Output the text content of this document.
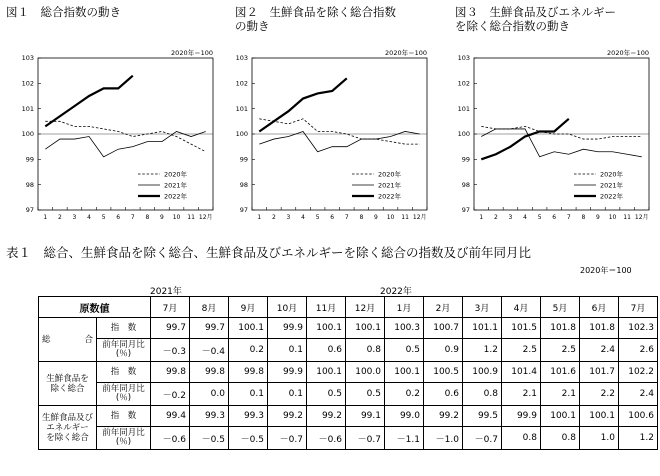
図１　総合指数の動き	図２　生鮮食品を除く総合指数
の動き
図３　生鮮食品及びエネルギー
を除く総合指数の動き
2020年＝100
97
98
99
100
101
102
103
1 2 3 4 5 6 7 8 9 10 11 12月
2020年
2021年
2022年
2020年＝100
97
98
99
100
101
102
103
1 2 3 4 5 6 7 8 9 10 11 12月
2020年
2021年
2022年
2020年＝100
97
98
99
100
101
102
103
1 2 3 4 5 6 7 8 9 10 11 12月
2020年
2021年
2022年
表１　総合、生鮮食品を除く総合、生鮮食品及びエネルギーを除く総合の指数及び前年同月比
2020年＝100
2021年	2022年
原数値		7月	8月	9月	10月	11月	12月	1月	2月	3月	4月	5月	6月	7月
総　　　　合	指　数	99.7	99.7	100.1	99.9	100.1	100.1	100.3	100.7	101.1	101.5	101.8	101.8	102.3
	前年同月比
(％)	－0.3	－0.4	0.2	0.1	0.6	0.8	0.5	0.9	1.2	2.5	2.5	2.4	2.6
生鮮食品を
除く総合	指　数	99.8	99.8	99.8	99.9	100.1	100.0	100.1	100.5	100.9	101.4	101.6	101.7	102.2
	前年同月比
(％)	－0.2	0.0	0.1	0.1	0.5	0.5	0.2	0.6	0.8	2.1	2.1	2.2	2.4
生鮮食品及び
エネルギー
を除く総合	指　数	99.4	99.3	99.3	99.2	99.2	99.1	99.0	99.2	99.5	99.9	100.1	100.1	100.6
	前年同月比
(％)	－0.6	－0.5	－0.5	－0.7	－0.6	－0.7	－1.1	－1.0	－0.7	0.8	0.8	1.0	1.2
